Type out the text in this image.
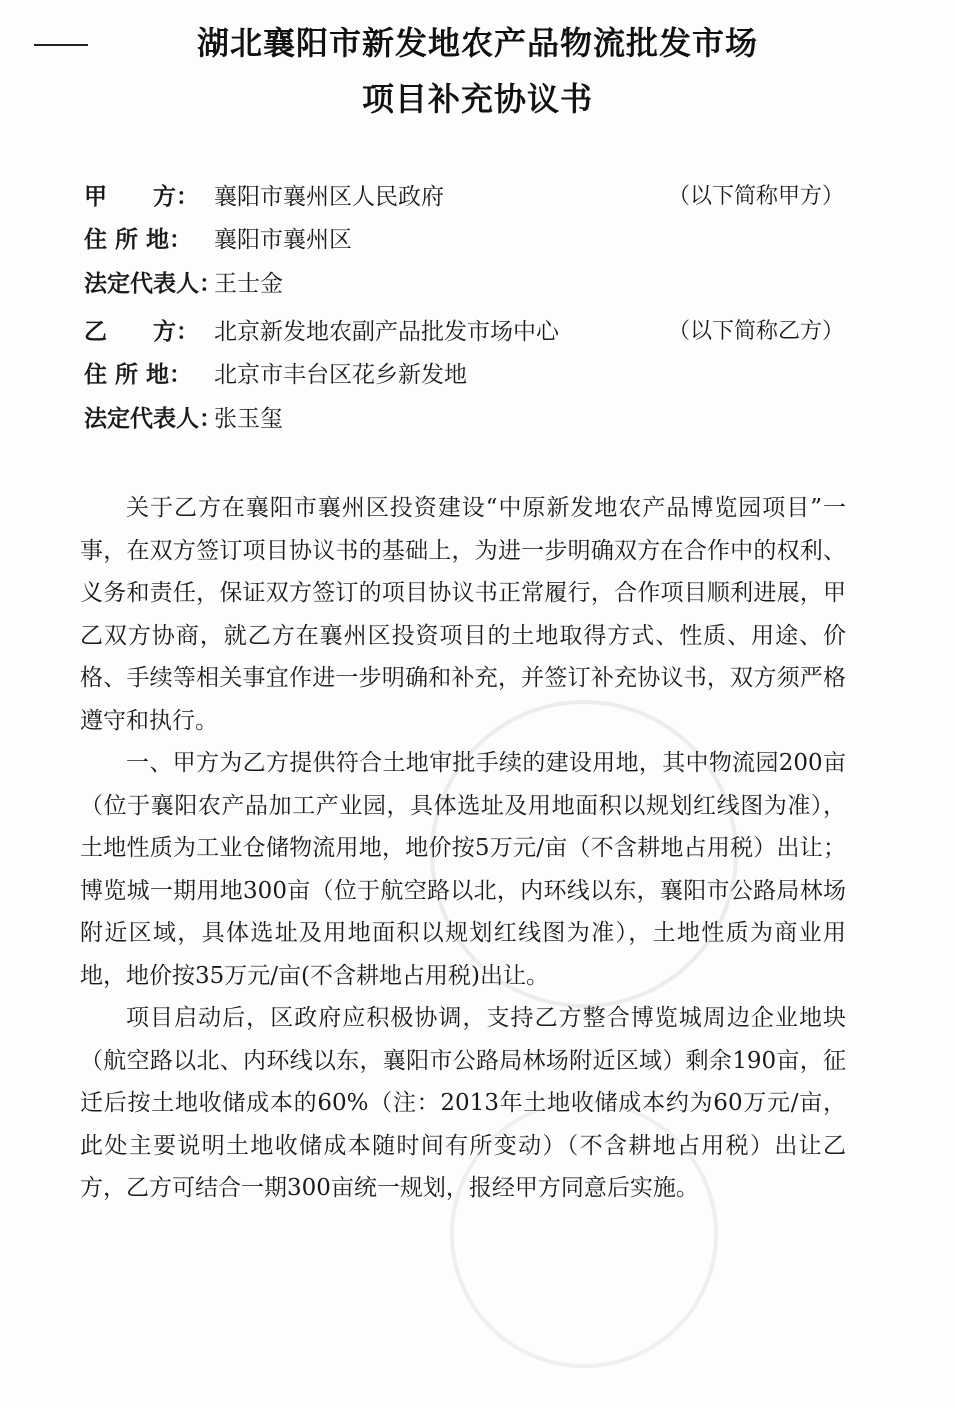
湖北襄阳市新发地农产品物流批发市场
项目补充协议书
甲　　方： 襄阳市襄州区人民政府	（以下简称甲方）
住 所 地： 襄阳市襄州区
法定代表人：王士金
乙　　方： 北京新发地农副产品批发市场中心	（以下简称乙方）
住 所 地： 北京市丰台区花乡新发地
法定代表人：张玉玺

关于乙方在襄阳市襄州区投资建设“中原新发地农产品博览园项目”一事，在双方签订项目协议书的基础上，为进一步明确双方在合作中的权利、义务和责任，保证双方签订的项目协议书正常履行，合作项目顺利进展，甲乙双方协商，就乙方在襄州区投资项目的土地取得方式、性质、用途、价格、手续等相关事宜作进一步明确和补充，并签订补充协议书，双方须严格遵守和执行。

一、甲方为乙方提供符合土地审批手续的建设用地，其中物流园200亩（位于襄阳农产品加工产业园，具体选址及用地面积以规划红线图为准），土地性质为工业仓储物流用地，地价按5万元/亩（不含耕地占用税）出让；博览城一期用地300亩（位于航空路以北，内环线以东，襄阳市公路局林场附近区域，具体选址及用地面积以规划红线图为准），土地性质为商业用地，地价按35万元/亩(不含耕地占用税)出让。

项目启动后，区政府应积极协调，支持乙方整合博览城周边企业地块（航空路以北、内环线以东，襄阳市公路局林场附近区域）剩余190亩，征迁后按土地收储成本的60%（注：2013年土地收储成本约为60万元/亩，此处主要说明土地收储成本随时间有所变动）（不含耕地占用税）出让乙方，乙方可结合一期300亩统一规划，报经甲方同意后实施。
